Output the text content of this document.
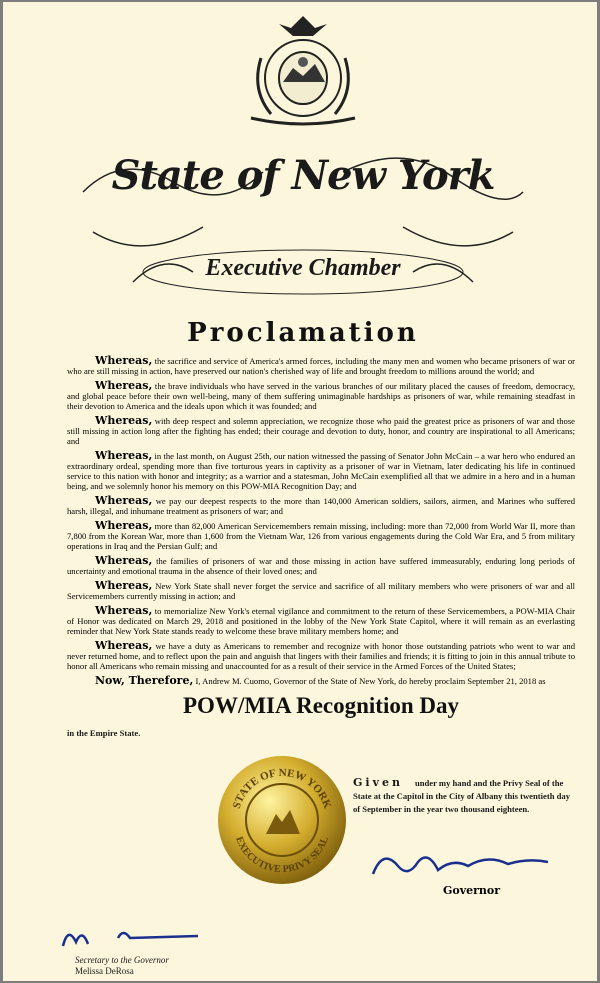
State of New York
Executive Chamber
Proclamation

Whereas, the sacrifice and service of America's armed forces, including the many men and women who became prisoners of war or who are still missing in action, have preserved our nation's cherished way of life and brought freedom to millions around the world; and

Whereas, the brave individuals who have served in the various branches of our military placed the causes of freedom, democracy, and global peace before their own well-being, many of them suffering unimaginable hardships as prisoners of war, while remaining steadfast in their devotion to America and the ideals upon which it was founded; and

Whereas, with deep respect and solemn appreciation, we recognize those who paid the greatest price as prisoners of war and those still missing in action long after the fighting has ended; their courage and devotion to duty, honor, and country are inspirational to all Americans; and

Whereas, in the last month, on August 25th, our nation witnessed the passing of Senator John McCain – a war hero who endured an extraordinary ordeal, spending more than five torturous years in captivity as a prisoner of war in Vietnam, later dedicating his life in continued service to this nation with honor and integrity; as a warrior and a statesman, John McCain exemplified all that we admire in a hero and in a human being, and we solemnly honor his memory on this POW-MIA Recognition Day; and

Whereas, we pay our deepest respects to the more than 140,000 American soldiers, sailors, airmen, and Marines who suffered harsh, illegal, and inhumane treatment as prisoners of war; and

Whereas, more than 82,000 American Servicemembers remain missing, including: more than 72,000 from World War II, more than 7,800 from the Korean War, more than 1,600 from the Vietnam War, 126 from various engagements during the Cold War Era, and 5 from military operations in Iraq and the Persian Gulf; and

Whereas, the families of prisoners of war and those missing in action have suffered immeasurably, enduring long periods of uncertainty and emotional trauma in the absence of their loved ones; and

Whereas, New York State shall never forget the service and sacrifice of all military members who were prisoners of war and all Servicemembers currently missing in action; and

Whereas, to memorialize New York's eternal vigilance and commitment to the return of these Servicemembers, a POW-MIA Chair of Honor was dedicated on March 29, 2018 and positioned in the lobby of the New York State Capitol, where it will remain as an everlasting reminder that New York State stands ready to welcome these brave military members home; and

Whereas, we have a duty as Americans to remember and recognize with honor those outstanding patriots who went to war and never returned home, and to reflect upon the pain and anguish that lingers with their families and friends; it is fitting to join in this annual tribute to honor all Americans who remain missing and unaccounted for as a result of their service in the Armed Forces of the United States;

Now, Therefore, I, Andrew M. Cuomo, Governor of the State of New York, do hereby proclaim September 21, 2018 as

POW/MIA Recognition Day
in the Empire State.
STATE OF NEW YORK
EXECUTIVE PRIVY SEAL
Given under my hand and the Privy Seal of the State at the Capitol in the City of Albany this twentieth day of September in the year two thousand eighteen.
Governor
Secretary to the Governor
Melissa DeRosa
